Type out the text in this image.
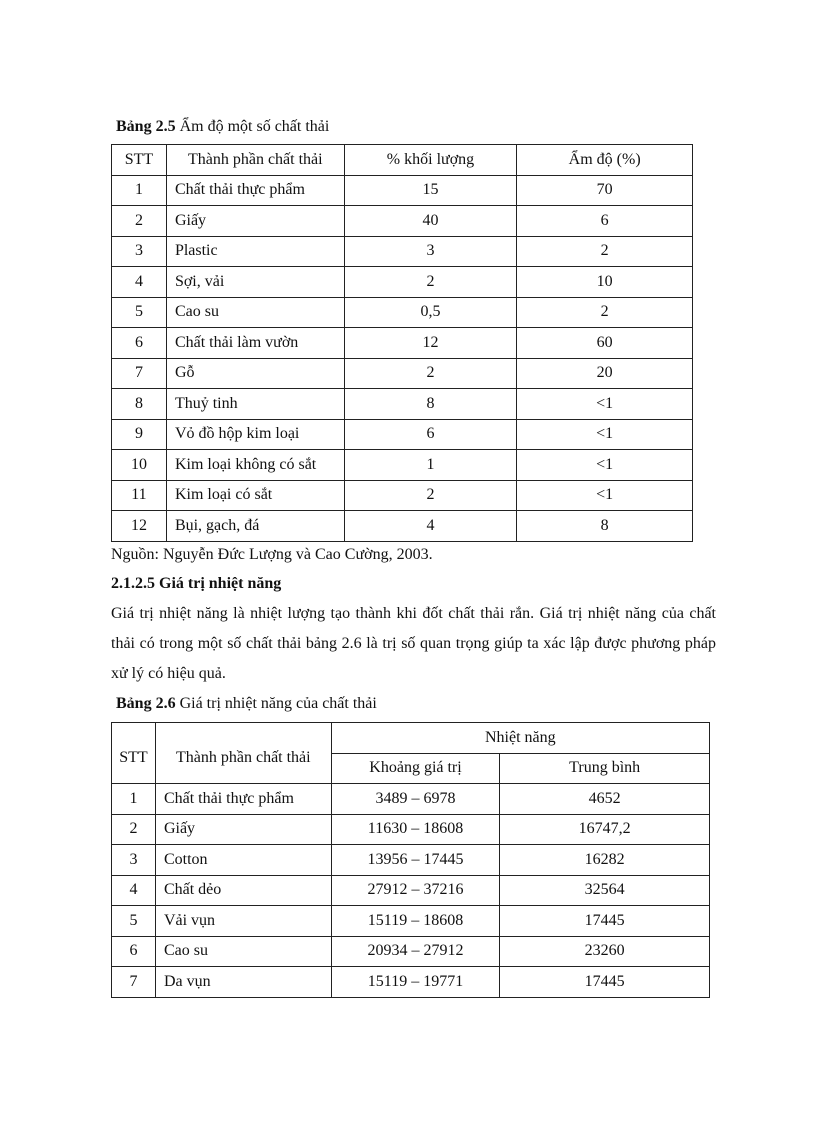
Bảng 2.5 Ẩm độ một số chất thải
STT	Thành phần chất thải	% khối lượng	Ẩm độ (%)
1	Chất thải thực phẩm	15	70
2	Giấy	40	6
3	Plastic	3	2
4	Sợi, vải	2	10
5	Cao su	0,5	2
6	Chất thải làm vườn	12	60
7	Gỗ	2	20
8	Thuỷ tinh	8	<1
9	Vỏ đồ hộp kim loại	6	<1
10	Kim loại không có sắt	1	<1
11	Kim loại có sắt	2	<1
12	Bụi, gạch, đá	4	8
Nguồn: Nguyễn Đức Lượng và Cao Cường, 2003.
2.1.2.5 Giá trị nhiệt năng
Giá trị nhiệt năng là nhiệt lượng tạo thành khi đốt chất thải rắn. Giá trị nhiệt năng của chất thải có trong một số chất thải bảng 2.6 là trị số quan trọng giúp ta xác lập được phương pháp xử lý có hiệu quả.
Bảng 2.6 Giá trị nhiệt năng của chất thải
STT	Thành phần chất thải	Nhiệt năng	
		Khoảng giá trị	Trung bình
1	Chất thải thực phẩm	3489 – 6978	4652
2	Giấy	11630 – 18608	16747,2
3	Cotton	13956 – 17445	16282
4	Chất dẻo	27912 – 37216	32564
5	Vải vụn	15119 – 18608	17445
6	Cao su	20934 – 27912	23260
7	Da vụn	15119 – 19771	17445
